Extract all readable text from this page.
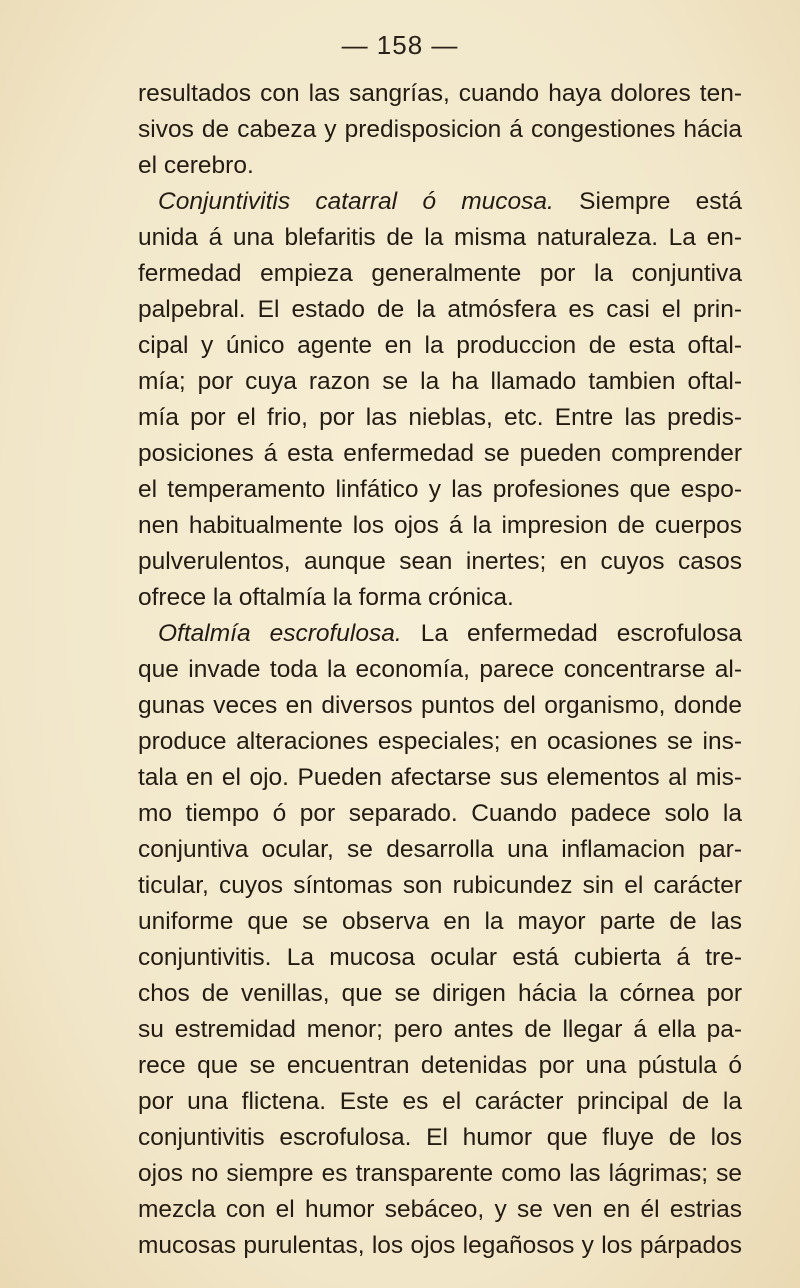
— 158 —
resultados con las sangrías, cuando haya dolores ten-
sivos de cabeza y predisposicion á congestiones hácia
el cerebro.
Conjuntivitis catarral ó mucosa. Siempre está
unida á una blefaritis de la misma naturaleza. La en-
fermedad empieza generalmente por la conjuntiva
palpebral. El estado de la atmósfera es casi el prin-
cipal y único agente en la produccion de esta oftal-
mía; por cuya razon se la ha llamado tambien oftal-
mía por el frio, por las nieblas, etc. Entre las predis-
posiciones á esta enfermedad se pueden comprender
el temperamento linfático y las profesiones que espo-
nen habitualmente los ojos á la impresion de cuerpos
pulverulentos, aunque sean inertes; en cuyos casos
ofrece la oftalmía la forma crónica.
Oftalmía escrofulosa. La enfermedad escrofulosa
que invade toda la economía, parece concentrarse al-
gunas veces en diversos puntos del organismo, donde
produce alteraciones especiales; en ocasiones se ins-
tala en el ojo. Pueden afectarse sus elementos al mis-
mo tiempo ó por separado. Cuando padece solo la
conjuntiva ocular, se desarrolla una inflamacion par-
ticular, cuyos síntomas son rubicundez sin el carácter
uniforme que se observa en la mayor parte de las
conjuntivitis. La mucosa ocular está cubierta á tre-
chos de venillas, que se dirigen hácia la córnea por
su estremidad menor; pero antes de llegar á ella pa-
rece que se encuentran detenidas por una pústula ó
por una flictena. Este es el carácter principal de la
conjuntivitis escrofulosa. El humor que fluye de los
ojos no siempre es transparente como las lágrimas; se
mezcla con el humor sebáceo, y se ven en él estrias
mucosas purulentas, los ojos legañosos y los párpados
